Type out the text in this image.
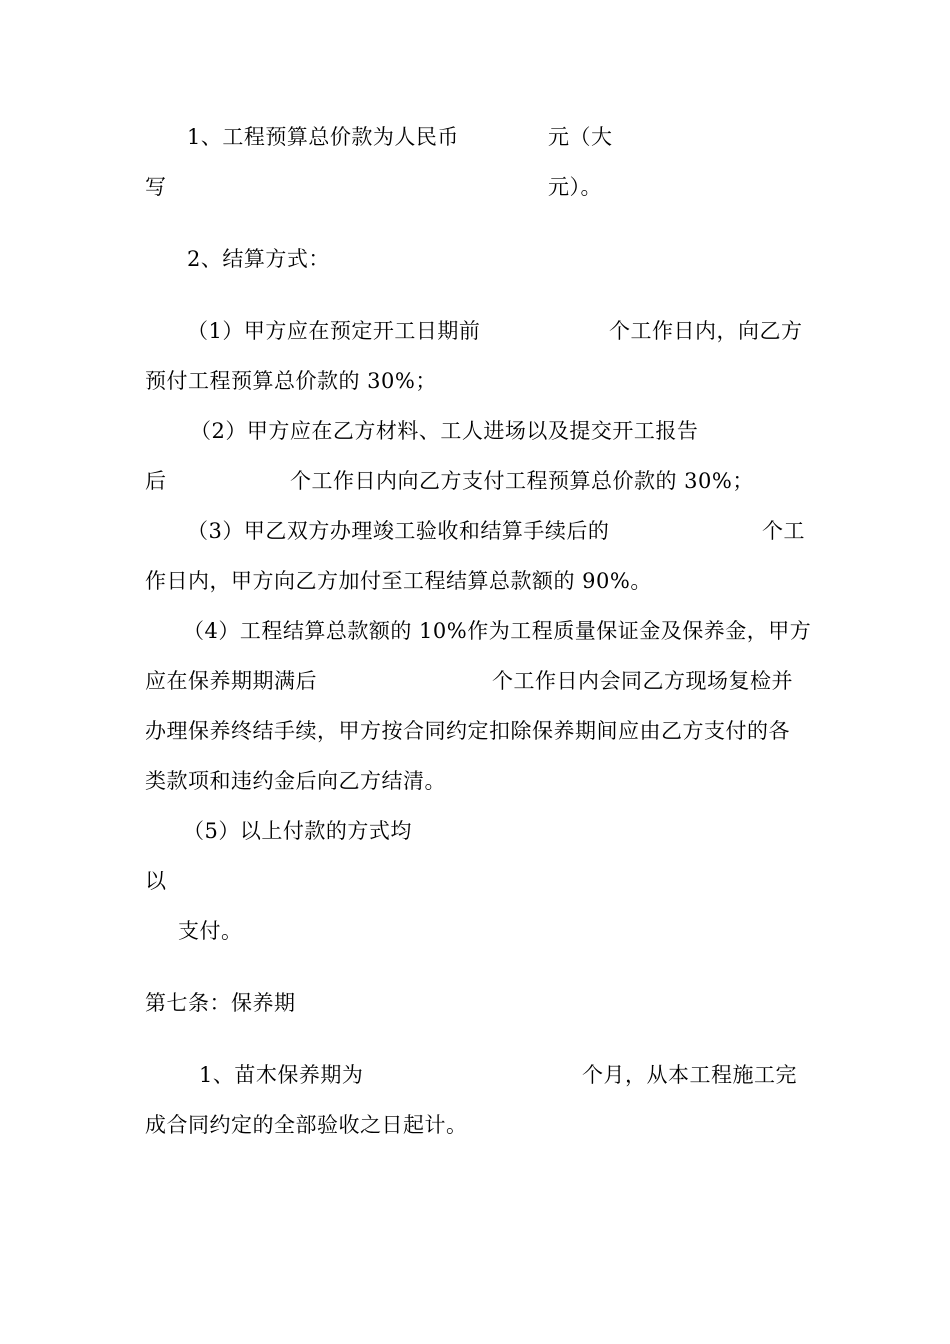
1、工程预算总价款为人民币	元（大
写	元）。
2、结算方式：
（1）甲方应在预定开工日期前	个工作日内，向乙方
预付工程预算总价款的 30%；
（2）甲方应在乙方材料、工人进场以及提交开工报告
后	个工作日内向乙方支付工程预算总价款的 30%；
（3）甲乙双方办理竣工验收和结算手续后的	个工
作日内，甲方向乙方加付至工程结算总款额的 90%。
（4）工程结算总款额的 10%作为工程质量保证金及保养金，甲方
应在保养期期满后	个工作日内会同乙方现场复检并
办理保养终结手续，甲方按合同约定扣除保养期间应由乙方支付的各
类款项和违约金后向乙方结清。
（5）以上付款的方式均
以
支付。
第七条：保养期
1、苗木保养期为	个月，从本工程施工完
成合同约定的全部验收之日起计。
